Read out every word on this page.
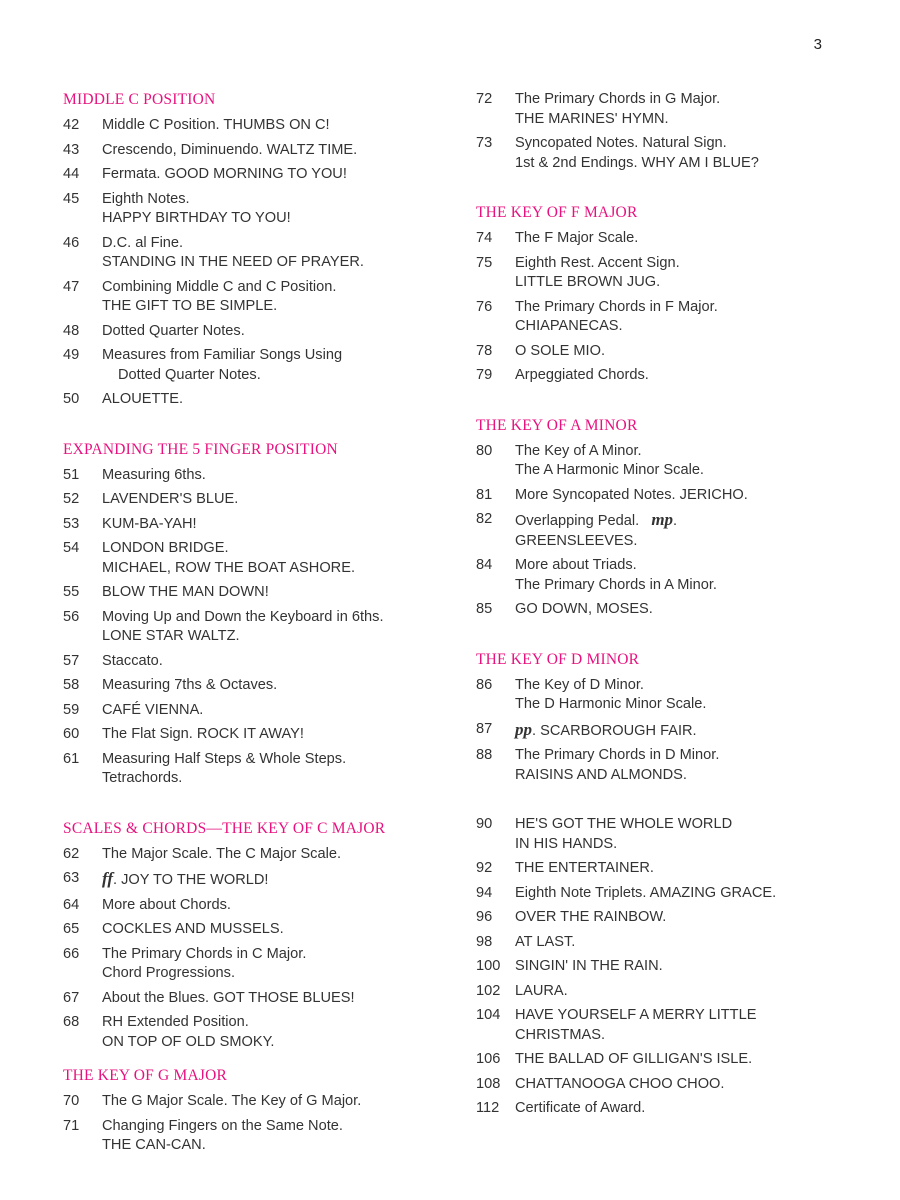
3
MIDDLE C POSITION
42	Middle C Position. THUMBS ON C!
43	Crescendo, Diminuendo. WALTZ TIME.
44	Fermata. GOOD MORNING TO YOU!
45	Eighth Notes.
HAPPY BIRTHDAY TO YOU!
46	D.C. al Fine.
STANDING IN THE NEED OF PRAYER.
47	Combining Middle C and C Position.
THE GIFT TO BE SIMPLE.
48	Dotted Quarter Notes.
49	Measures from Familiar Songs Using
Dotted Quarter Notes.
50	ALOUETTE.
EXPANDING THE 5 FINGER POSITION
51	Measuring 6ths.
52	LAVENDER'S BLUE.
53	KUM-BA-YAH!
54	LONDON BRIDGE.
MICHAEL, ROW THE BOAT ASHORE.
55	BLOW THE MAN DOWN!
56	Moving Up and Down the Keyboard in 6ths.
LONE STAR WALTZ.
57	Staccato.
58	Measuring 7ths & Octaves.
59	CAFÉ VIENNA.
60	The Flat Sign. ROCK IT AWAY!
61	Measuring Half Steps & Whole Steps.
Tetrachords.
SCALES & CHORDS—THE KEY OF C MAJOR
62	The Major Scale. The C Major Scale.
63	ff. JOY TO THE WORLD!
64	More about Chords.
65	COCKLES AND MUSSELS.
66	The Primary Chords in C Major.
Chord Progressions.
67	About the Blues. GOT THOSE BLUES!
68	RH Extended Position.
ON TOP OF OLD SMOKY.
THE KEY OF G MAJOR
70	The G Major Scale. The Key of G Major.
71	Changing Fingers on the Same Note.
THE CAN-CAN.
72	The Primary Chords in G Major.
THE MARINES' HYMN.
73	Syncopated Notes. Natural Sign.
1st & 2nd Endings. WHY AM I BLUE?
THE KEY OF F MAJOR
74	The F Major Scale.
75	Eighth Rest. Accent Sign.
LITTLE BROWN JUG.
76	The Primary Chords in F Major.
CHIAPANECAS.
78	O SOLE MIO.
79	Arpeggiated Chords.
THE KEY OF A MINOR
80	The Key of A Minor.
The A Harmonic Minor Scale.
81	More Syncopated Notes. JERICHO.
82	Overlapping Pedal. mp.
GREENSLEEVES.
84	More about Triads.
The Primary Chords in A Minor.
85	GO DOWN, MOSES.
THE KEY OF D MINOR
86	The Key of D Minor.
The D Harmonic Minor Scale.
87	pp. SCARBOROUGH FAIR.
88	The Primary Chords in D Minor.
RAISINS AND ALMONDS.
90	HE'S GOT THE WHOLE WORLD
IN HIS HANDS.
92	THE ENTERTAINER.
94	Eighth Note Triplets. AMAZING GRACE.
96	OVER THE RAINBOW.
98	AT LAST.
100	SINGIN' IN THE RAIN.
102	LAURA.
104	HAVE YOURSELF A MERRY LITTLE
CHRISTMAS.
106	THE BALLAD OF GILLIGAN'S ISLE.
108	CHATTANOOGA CHOO CHOO.
112	Certificate of Award.
